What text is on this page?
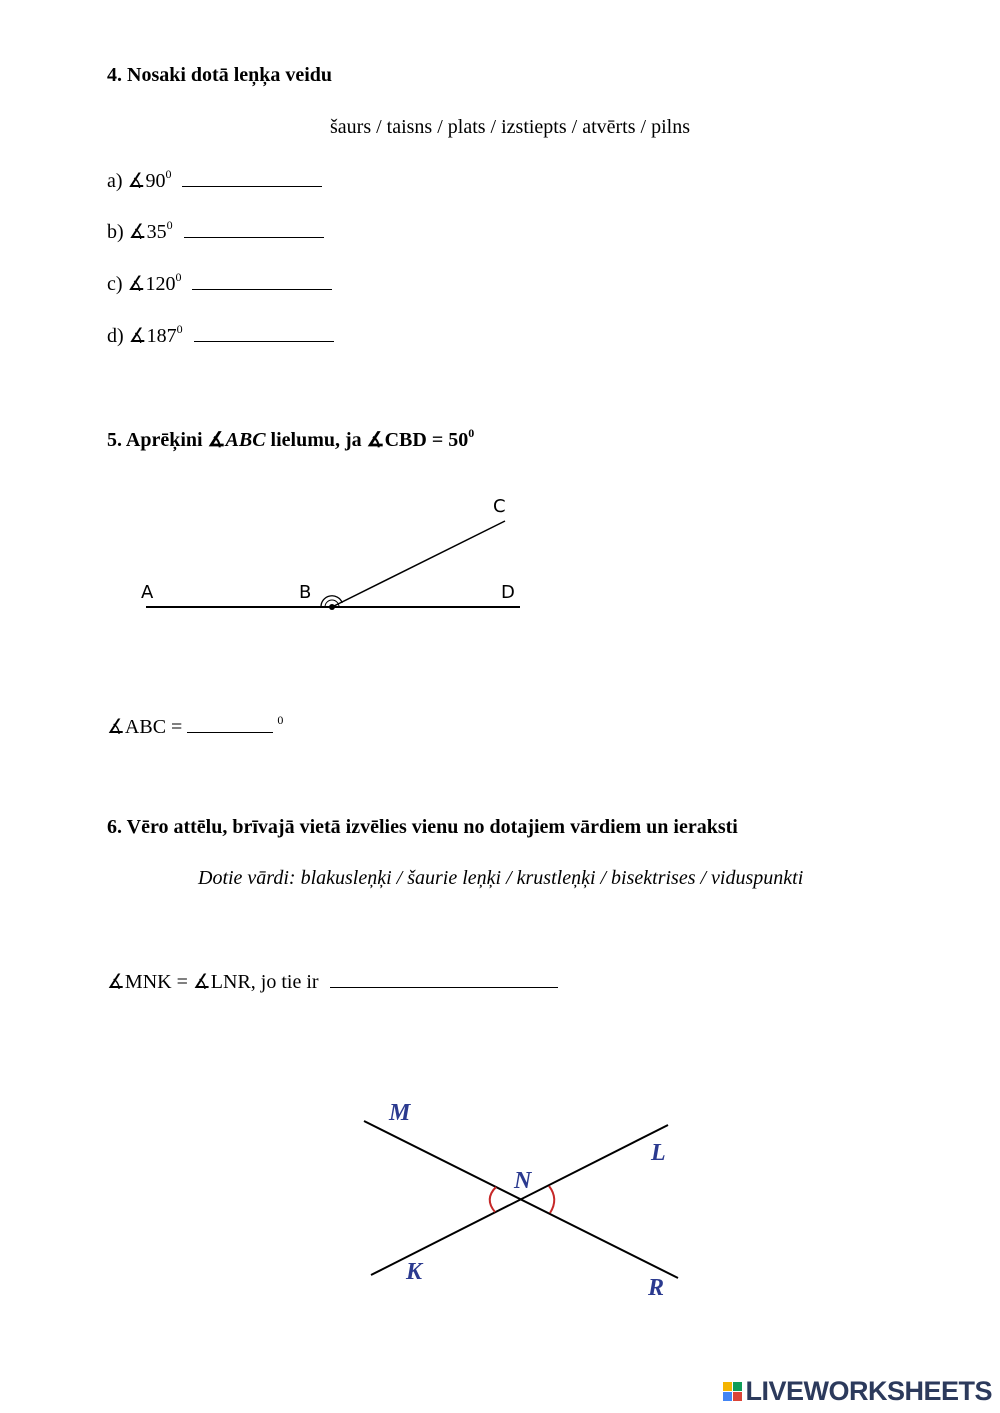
4. Nosaki dotā leņķa veidu
šaurs / taisns / plats / izstiepts / atvērts / pilns
a) $∡90^0$
b) $∡35^0$
c) $∡120^0$
d) $∡187^0$
5. Aprēķini ∡ABC lielumu, ja ∡CBD = $50^0$
A	B
C
D
∡ABC =	$^0$
6. Vēro attēlu, brīvajā vietā izvēlies vienu no dotajiem vārdiem un ieraksti
Dotie vārdi: blakusleņķi / šaurie leņķi / krustleņķi / bisektrises / viduspunkti
∡MNK = ∡LNR, jo tie ir
M
N
L
K
R
LIVEWORKSHEETS
